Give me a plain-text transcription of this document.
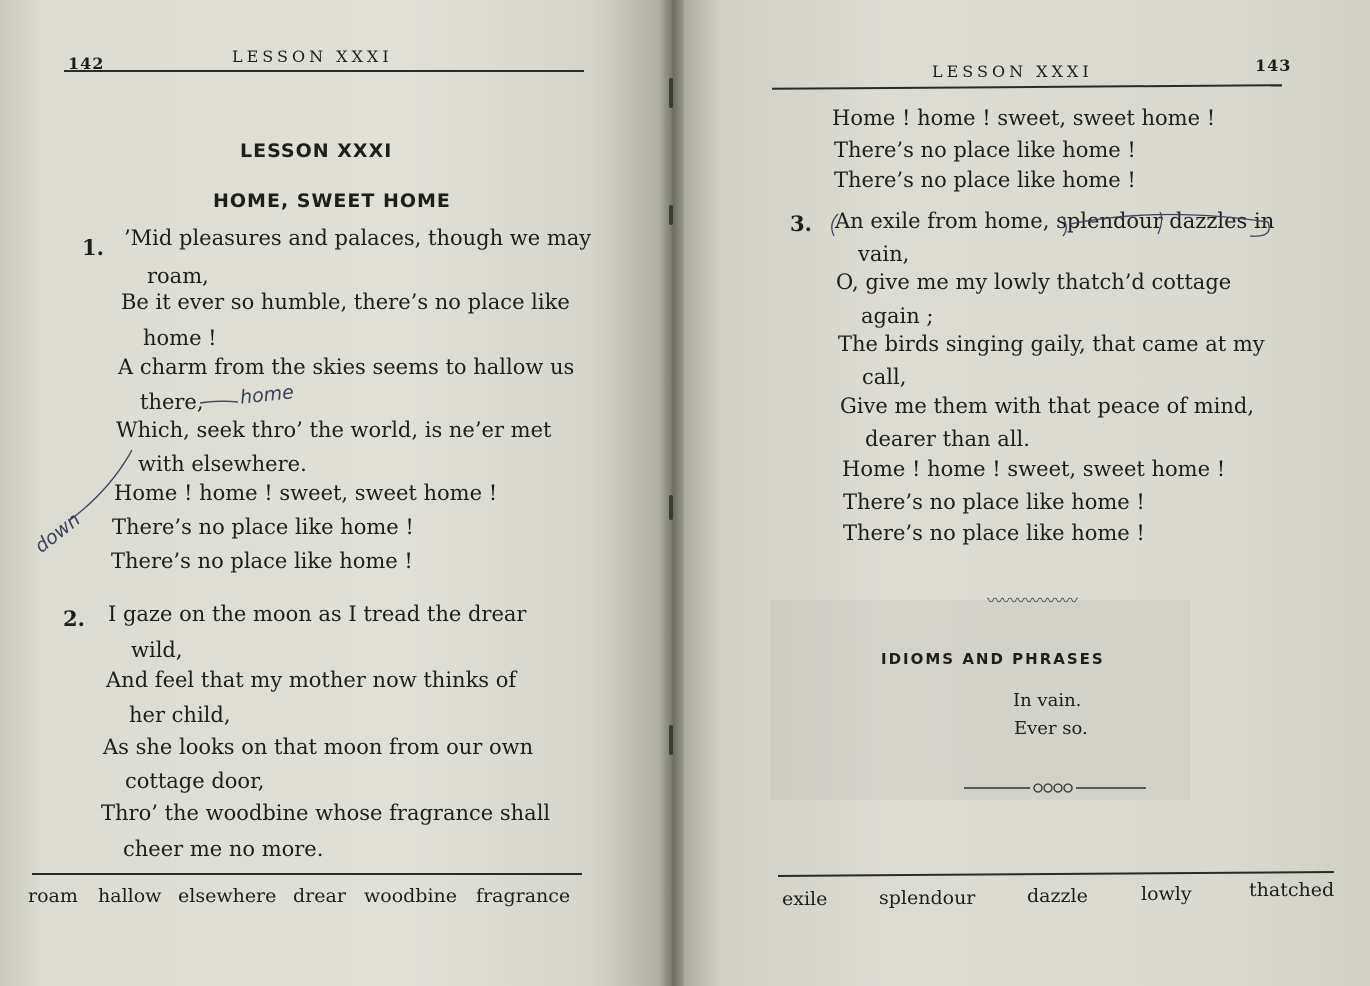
142	LESSON XXXI
LESSON XXXI
HOME, SWEET HOME
1. ’Mid pleasures and palaces, though we may
roam,
Be it ever so humble, there’s no place like
home !
A charm from the skies seems to hallow us
there,
Which, seek thro’ the world, is ne’er met
with elsewhere.
Home ! home ! sweet, sweet home !
There’s no place like home !
There’s no place like home !
2. I gaze on the moon as I tread the drear
wild,
And feel that my mother now thinks of
her child,
As she looks on that moon from our own
cottage door,
Thro’ the woodbine whose fragrance shall
cheer me no more.
roam hallow elsewhere drear woodbine fragrance
home
down
LESSON XXXI	143
Home ! home ! sweet, sweet home !
There’s no place like home !
There’s no place like home !
3. An exile from home, splendour dazzles in
vain,
O, give me my lowly thatch’d cottage
again ;
The birds singing gaily, that came at my
call,
Give me them with that peace of mind,
dearer than all.
Home ! home ! sweet, sweet home !
There’s no place like home !
There’s no place like home !
〰〰〰〰〰〰
IDIOMS AND PHRASES
In vain.
Ever so.
exile	splendour	dazzle	lowly	thatched
